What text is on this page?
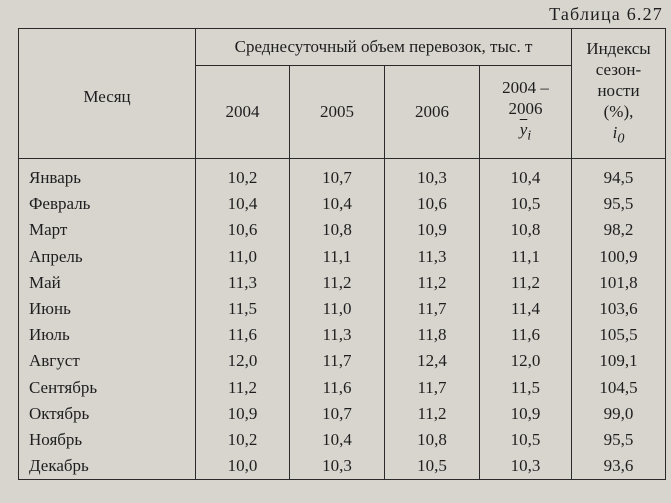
Таблица 6.27
Месяц	Среднесуточный объем перевозок, тыс. т				Индексы
сезон-
ности
(%),
$i_0$
	2004	2005	2006	2004 –
2006
$\overline{y}_i$
Январь	10,2	10,7	10,3	10,4	94,5
Февраль	10,4	10,4	10,6	10,5	95,5
Март	10,6	10,8	10,9	10,8	98,2
Апрель	11,0	11,1	11,3	11,1	100,9
Май	11,3	11,2	11,2	11,2	101,8
Июнь	11,5	11,0	11,7	11,4	103,6
Июль	11,6	11,3	11,8	11,6	105,5
Август	12,0	11,7	12,4	12,0	109,1
Сентябрь	11,2	11,6	11,7	11,5	104,5
Октябрь	10,9	10,7	11,2	10,9	99,0
Ноябрь	10,2	10,4	10,8	10,5	95,5
Декабрь	10,0	10,3	10,5	10,3	93,6
